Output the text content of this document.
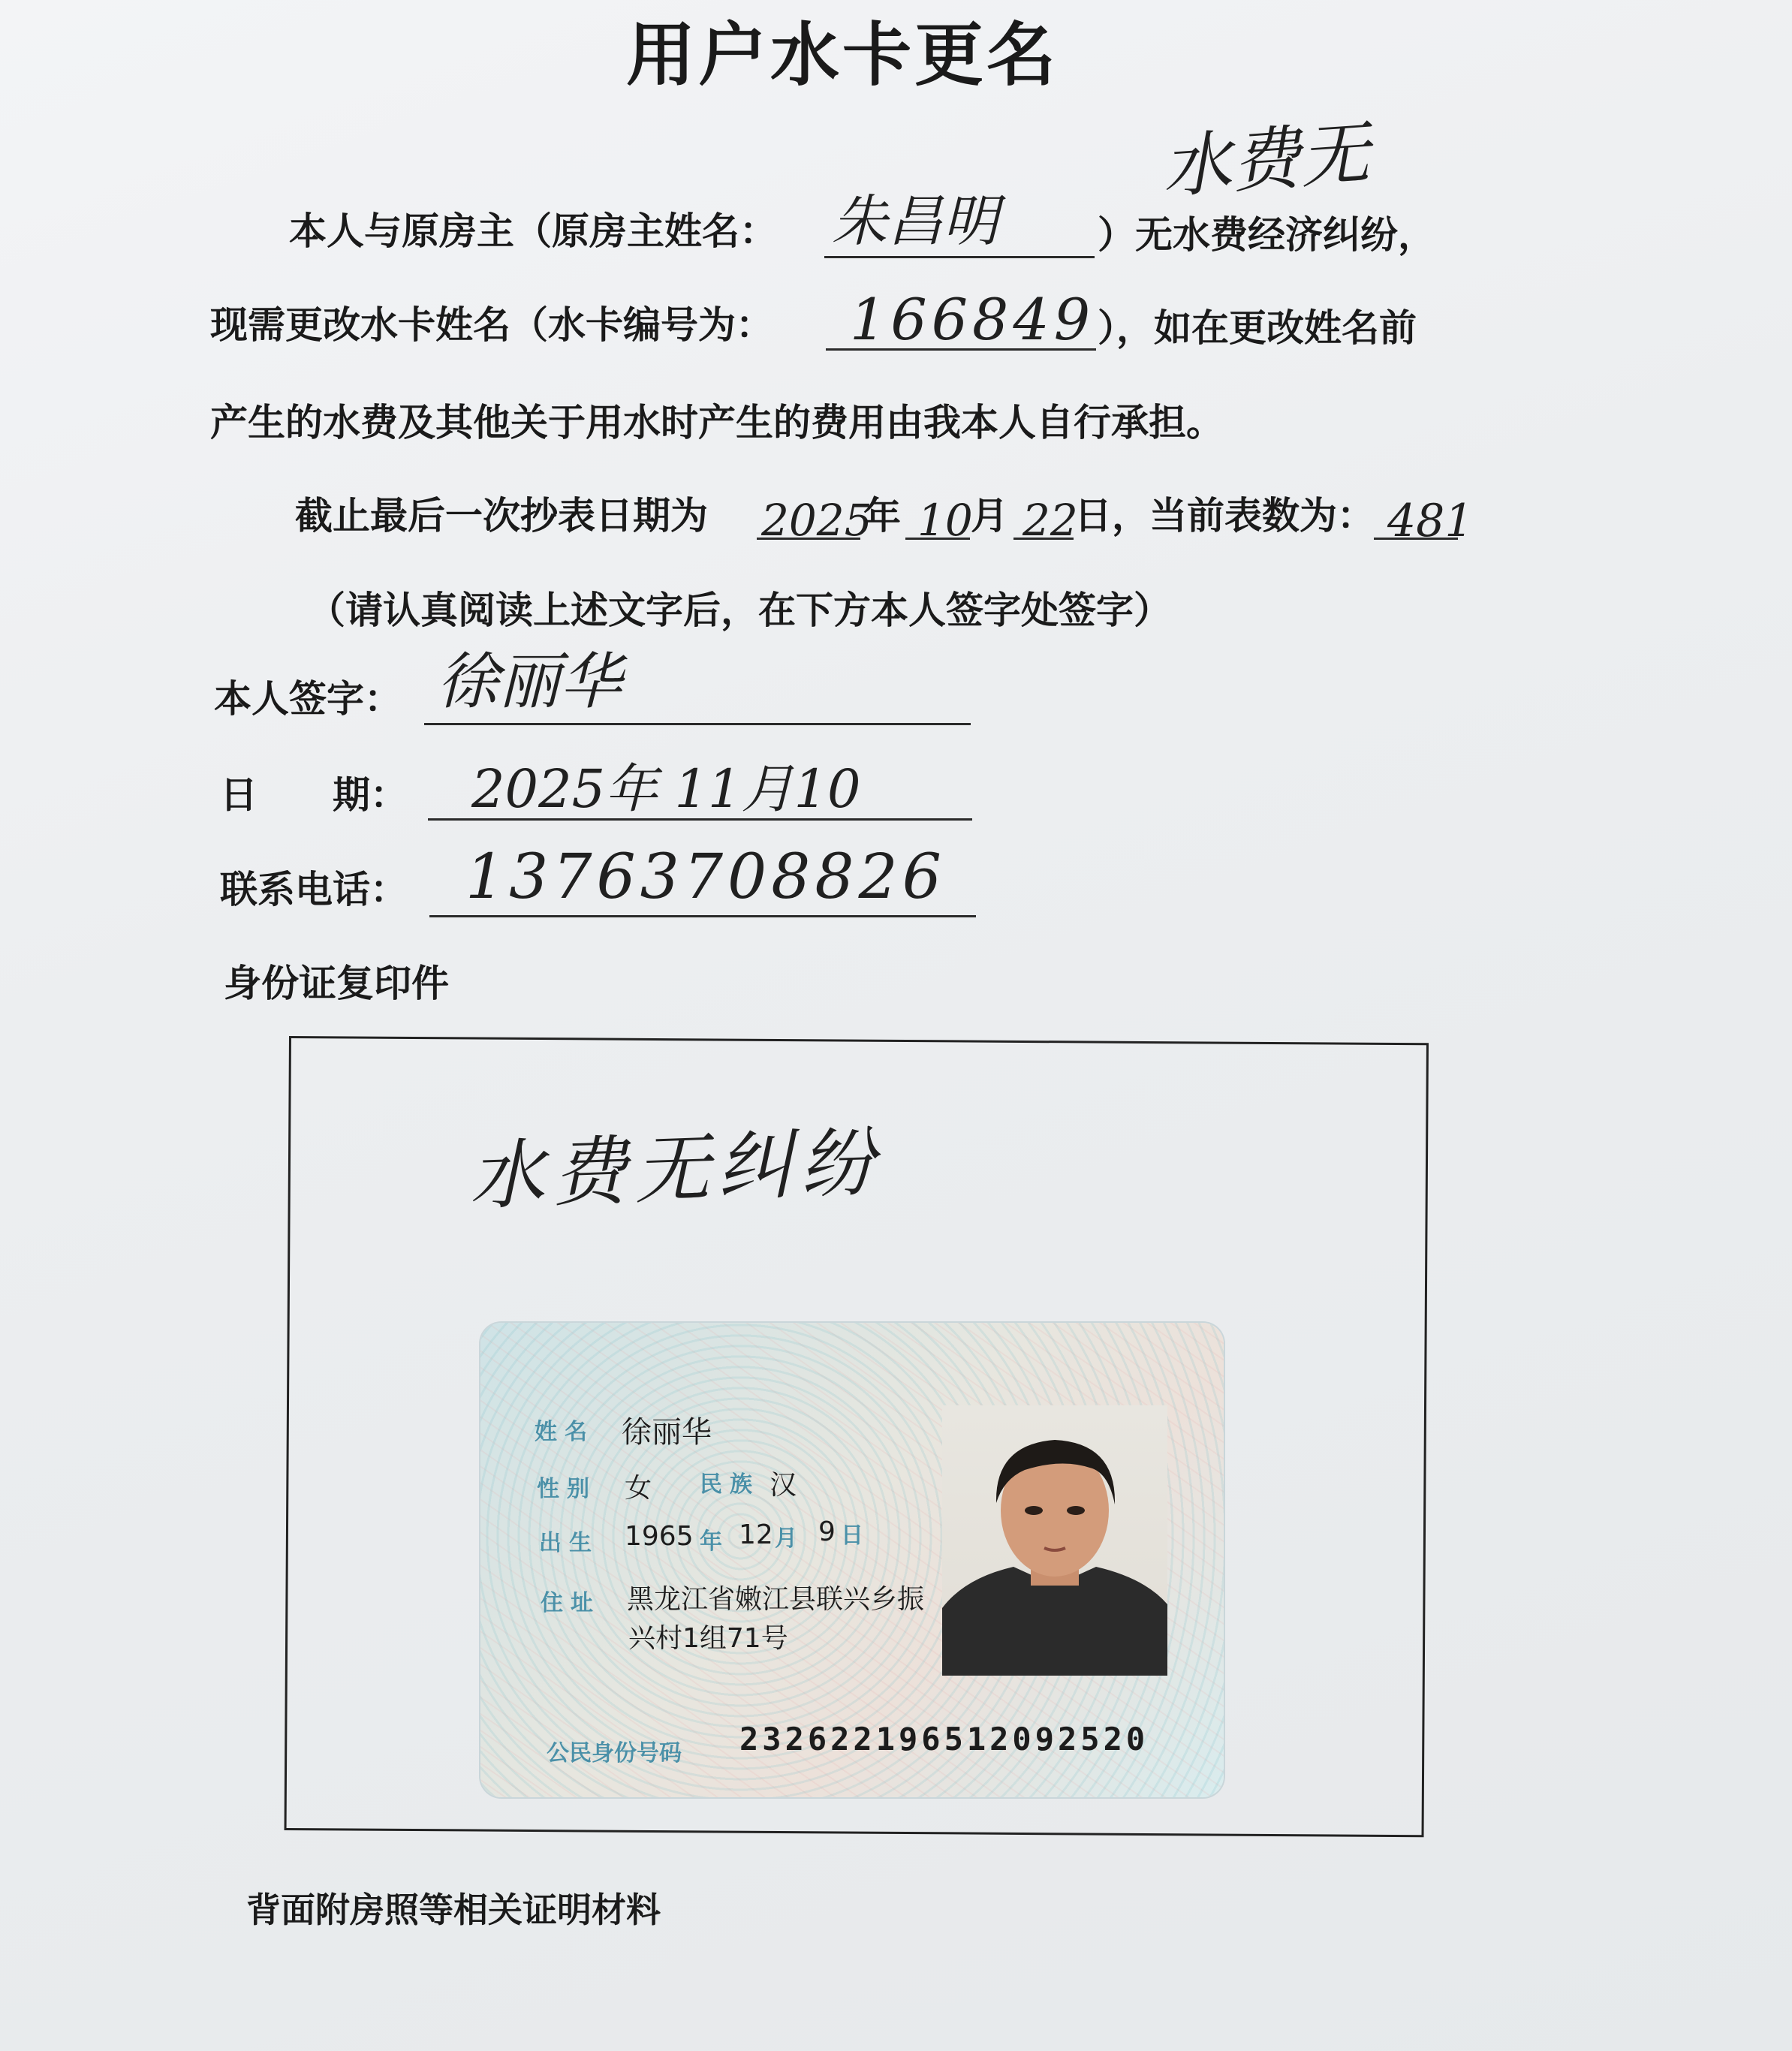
用户水卡更名
水费无
本人与原房主（原房主姓名： 朱昌明	）无水费经济纠纷，
现需更改水卡姓名（水卡编号为： 166849 ），如在更改姓名前
产生的水费及其他关于用水时产生的费用由我本人自行承担。
截止最后一次抄表日期为 2025
年 10
月 22
日，当前表数为： 481
（请认真阅读上述文字后，在下方本人签字处签字）
本人签字： 徐丽华
日　　期： 2025年 11月10
联系电话： 13763708826
身份证复印件
水费无纠纷
姓名 徐丽华
性别 女 民族 汉
出生 1965 年 12 月 9 日
住址 黑龙江省嫩江县联兴乡振
兴村1组71号
公民身份号码 232622196512092520
背面附房照等相关证明材料
